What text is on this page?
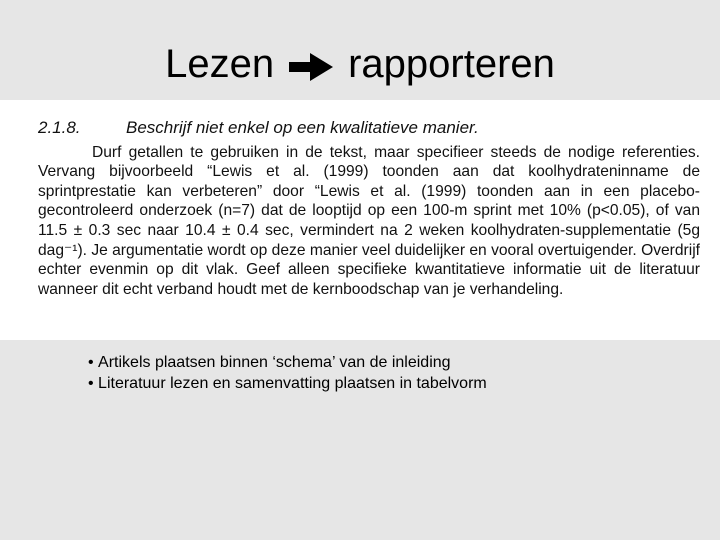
Lezen rapporteren
2.1.8.	Beschrijf niet enkel op een kwalitatieve manier.
Durf getallen te gebruiken in de tekst, maar specifieer steeds de nodige referenties. Vervang bijvoorbeeld “Lewis et al. (1999) toonden aan dat koolhydrateninname de sprintprestatie kan verbeteren” door “Lewis et al. (1999) toonden aan in een placebo-gecontroleerd onderzoek (n=7) dat de looptijd op een 100-m sprint met 10% (p<0.05), of van 11.5 ± 0.3 sec naar 10.4 ± 0.4 sec, vermindert na 2 weken koolhydraten-supplementatie (5g dag⁻¹). Je argumentatie wordt op deze manier veel duidelijker en vooral overtuigender. Overdrijf echter evenmin op dit vlak. Geef alleen specifieke kwantitatieve informatie uit de literatuur wanneer dit echt verband houdt met de kernboodschap van je verhandeling.
• Artikels plaatsen binnen ‘schema’ van de inleiding
• Literatuur lezen en samenvatting plaatsen in tabelvorm
